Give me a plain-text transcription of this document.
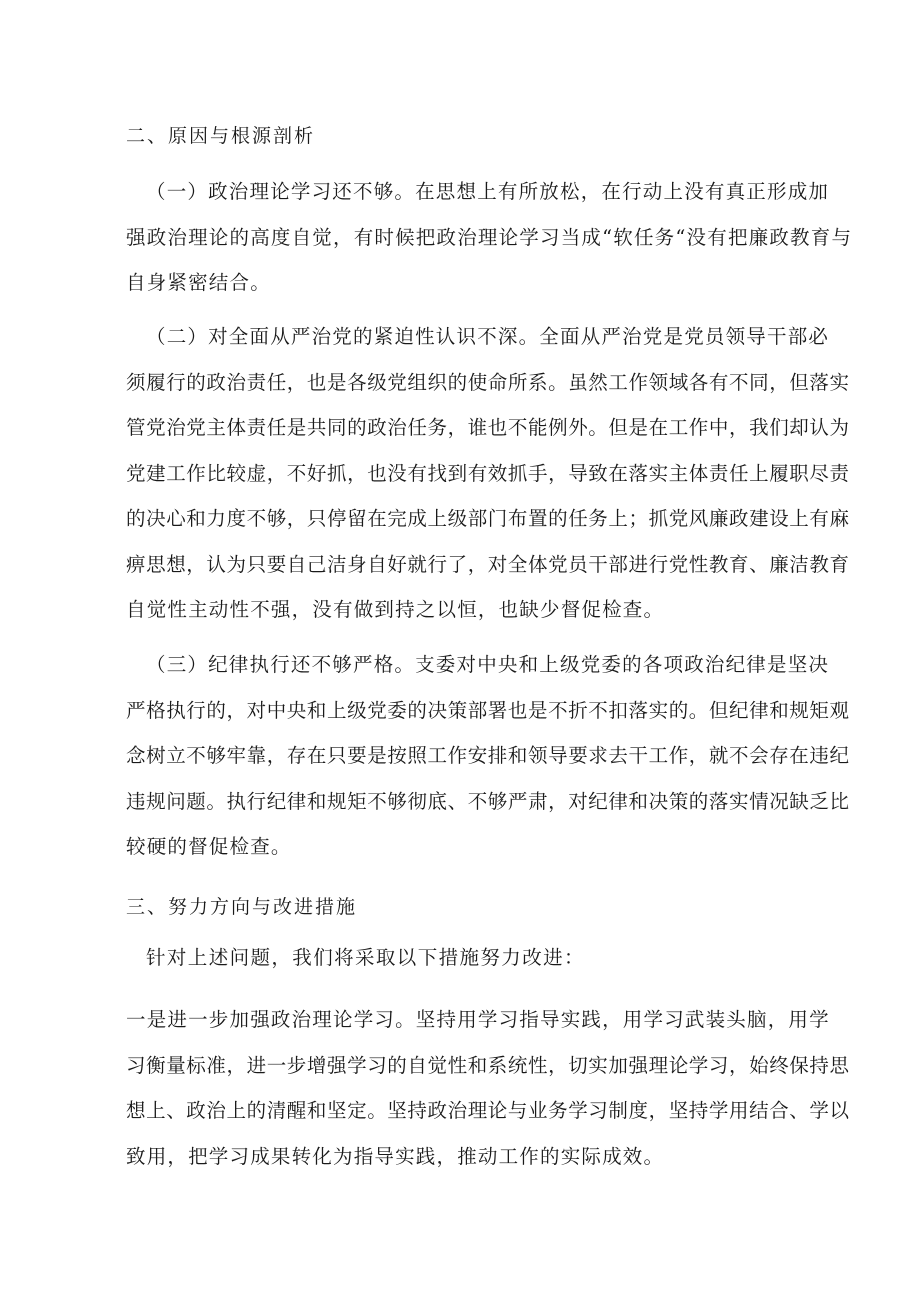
二、原因与根源剖析
（一）政治理论学习还不够。在思想上有所放松，在行动上没有真正形成加
强政治理论的高度自觉，有时候把政治理论学习当成“软任务“没有把廉政教育与
自身紧密结合。
（二）对全面从严治党的紧迫性认识不深。全面从严治党是党员领导干部必
须履行的政治责任，也是各级党组织的使命所系。虽然工作领域各有不同，但落实
管党治党主体责任是共同的政治任务，谁也不能例外。但是在工作中，我们却认为
党建工作比较虚，不好抓，也没有找到有效抓手，导致在落实主体责任上履职尽责
的决心和力度不够，只停留在完成上级部门布置的任务上；抓党风廉政建设上有麻
痹思想，认为只要自己洁身自好就行了，对全体党员干部进行党性教育、廉洁教育
自觉性主动性不强，没有做到持之以恒，也缺少督促检查。
（三）纪律执行还不够严格。支委对中央和上级党委的各项政治纪律是坚决
严格执行的，对中央和上级党委的决策部署也是不折不扣落实的。但纪律和规矩观
念树立不够牢靠，存在只要是按照工作安排和领导要求去干工作，就不会存在违纪
违规问题。执行纪律和规矩不够彻底、不够严肃，对纪律和决策的落实情况缺乏比
较硬的督促检查。
三、努力方向与改进措施
针对上述问题，我们将采取以下措施努力改进：
一是进一步加强政治理论学习。坚持用学习指导实践，用学习武装头脑，用学
习衡量标准，进一步增强学习的自觉性和系统性，切实加强理论学习，始终保持思
想上、政治上的清醒和坚定。坚持政治理论与业务学习制度，坚持学用结合、学以
致用，把学习成果转化为指导实践，推动工作的实际成效。
